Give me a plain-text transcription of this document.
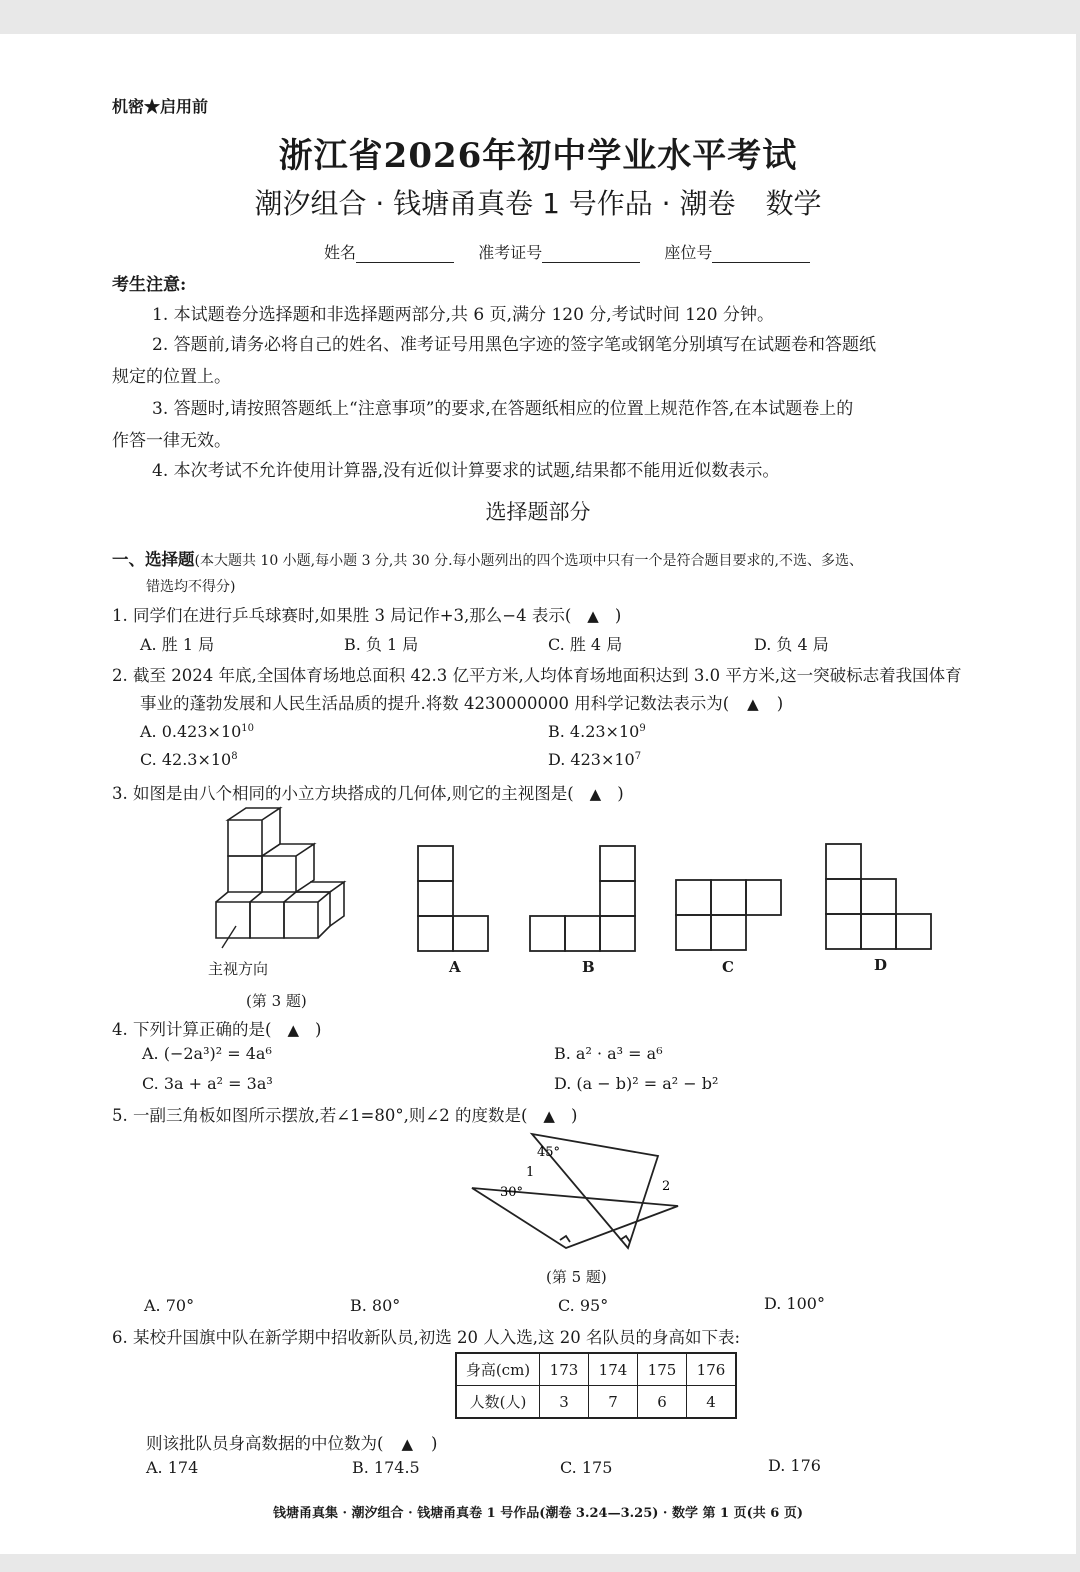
机密★启用前
浙江省2026年初中学业水平考试
潮汐组合 · 钱塘甬真卷 1 号作品 · 潮卷 数学
姓名	准考证号	座位号
考生注意:
1. 本试题卷分选择题和非选择题两部分,共 6 页,满分 120 分,考试时间 120 分钟。
2. 答题前,请务必将自己的姓名、准考证号用黑色字迹的签字笔或钢笔分别填写在试题卷和答题纸
规定的位置上。
3. 答题时,请按照答题纸上“注意事项”的要求,在答题纸相应的位置上规范作答,在本试题卷上的
作答一律无效。
4. 本次考试不允许使用计算器,没有近似计算要求的试题,结果都不能用近似数表示。
选择题部分
一、选择题(本大题共 10 小题,每小题 3 分,共 30 分.每小题列出的四个选项中只有一个是符合题目要求的,不选、多选、
错选均不得分)
1. 同学们在进行乒乓球赛时,如果胜 3 局记作+3,那么−4 表示( ▲ )
A. 胜 1 局	B. 负 1 局	C. 胜 4 局	D. 负 4 局
2. 截至 2024 年底,全国体育场地总面积 42.3 亿平方米,人均体育场地面积达到 3.0 平方米,这一突破标志着我国体育
事业的蓬勃发展和人民生活品质的提升.将数 4230000000 用科学记数法表示为( ▲ )
A. $0.423\times 10^{10}$	B. $4.23\times 10^9$
C. $42.3\times 10^8$	D. $423\times 10^7$
3. 如图是由八个相同的小立方块搭成的几何体,则它的主视图是( ▲ )
主视方向
(第 3 题)
A	B	C	D
4. 下列计算正确的是( ▲ )
A. (−2a³)² = 4a⁶	B. a² · a³ = a⁶
C. 3a + a² = 3a³	D. (a − b)² = a² − b²
5. 一副三角板如图所示摆放,若∠1=80°,则∠2 的度数是( ▲ )
45°
30°
1
2
(第 5 题)
A. 70°	B. 80°	C. 95°	D. 100°
6. 某校升国旗中队在新学期中招收新队员,初选 20 人入选,这 20 名队员的身高如下表:
身高(cm)	173	174	175	176
人数(人)	3	7	6	4
则该批队员身高数据的中位数为( ▲ )
A. 174	B. 174.5	C. 175	D. 176
钱塘甬真集 · 潮汐组合 · 钱塘甬真卷 1 号作品(潮卷 3.24—3.25) · 数学 第 1 页(共 6 页)
